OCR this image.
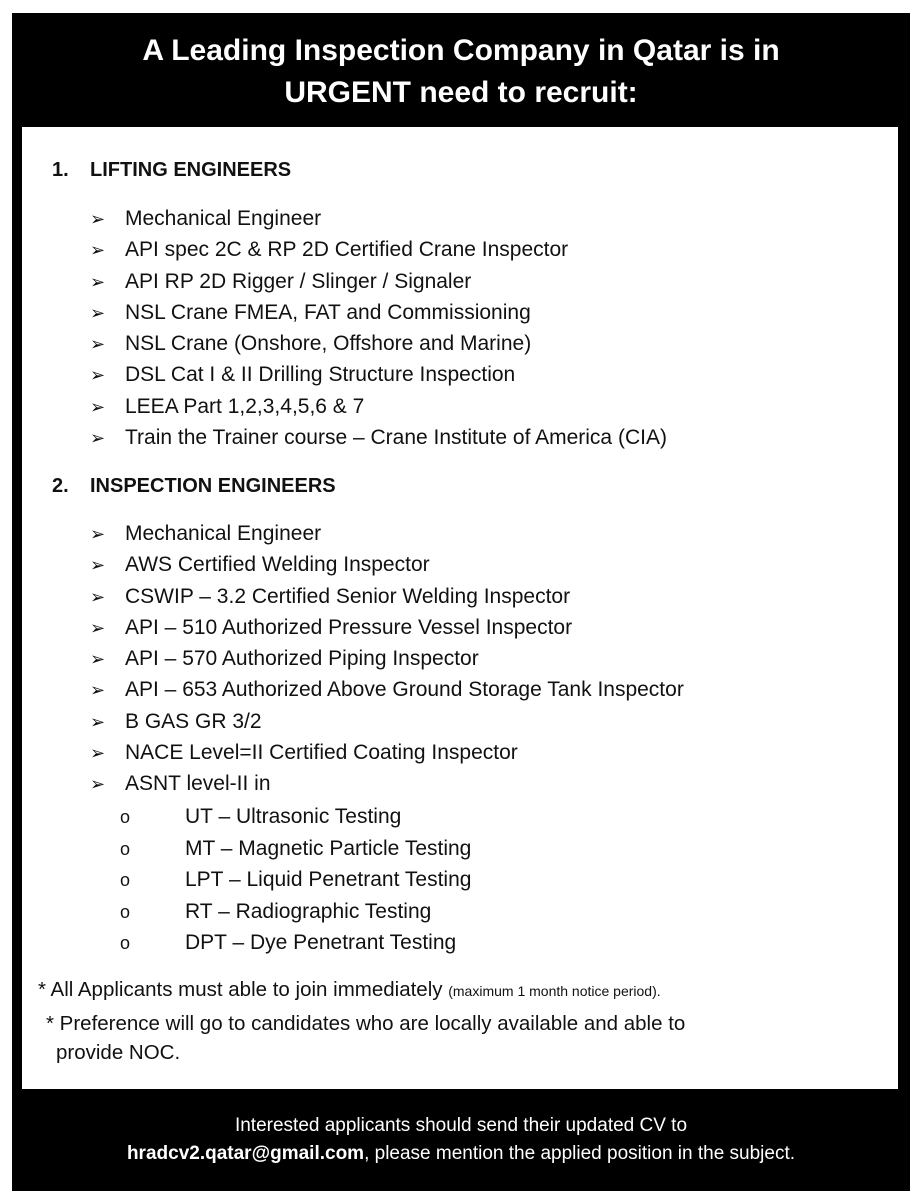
A Leading Inspection Company in Qatar is in
URGENT need to recruit:
1. LIFTING ENGINEERS
➢ Mechanical Engineer
➢ API spec 2C & RP 2D Certified Crane Inspector
➢ API RP 2D Rigger / Slinger / Signaler
➢ NSL Crane FMEA, FAT and Commissioning
➢ NSL Crane (Onshore, Offshore and Marine)
➢ DSL Cat I & II Drilling Structure Inspection
➢ LEEA Part 1,2,3,4,5,6 & 7
➢ Train the Trainer course – Crane Institute of America (CIA)
2. INSPECTION ENGINEERS
➢ Mechanical Engineer
➢ AWS Certified Welding Inspector
➢ CSWIP – 3.2 Certified Senior Welding Inspector
➢ API – 510 Authorized Pressure Vessel Inspector
➢ API – 570 Authorized Piping Inspector
➢ API – 653 Authorized Above Ground Storage Tank Inspector
➢ B GAS GR 3/2
➢ NACE Level=II Certified Coating Inspector
➢ ASNT level-II in
o	UT – Ultrasonic Testing
o	MT – Magnetic Particle Testing
o	LPT – Liquid Penetrant Testing
o	RT – Radiographic Testing
o	DPT – Dye Penetrant Testing
* All Applicants must able to join immediately (maximum 1 month notice period).
* Preference will go to candidates who are locally available and able to
provide NOC.
Interested applicants should send their updated CV to
hradcv2.qatar@gmail.com, please mention the applied position in the subject.
